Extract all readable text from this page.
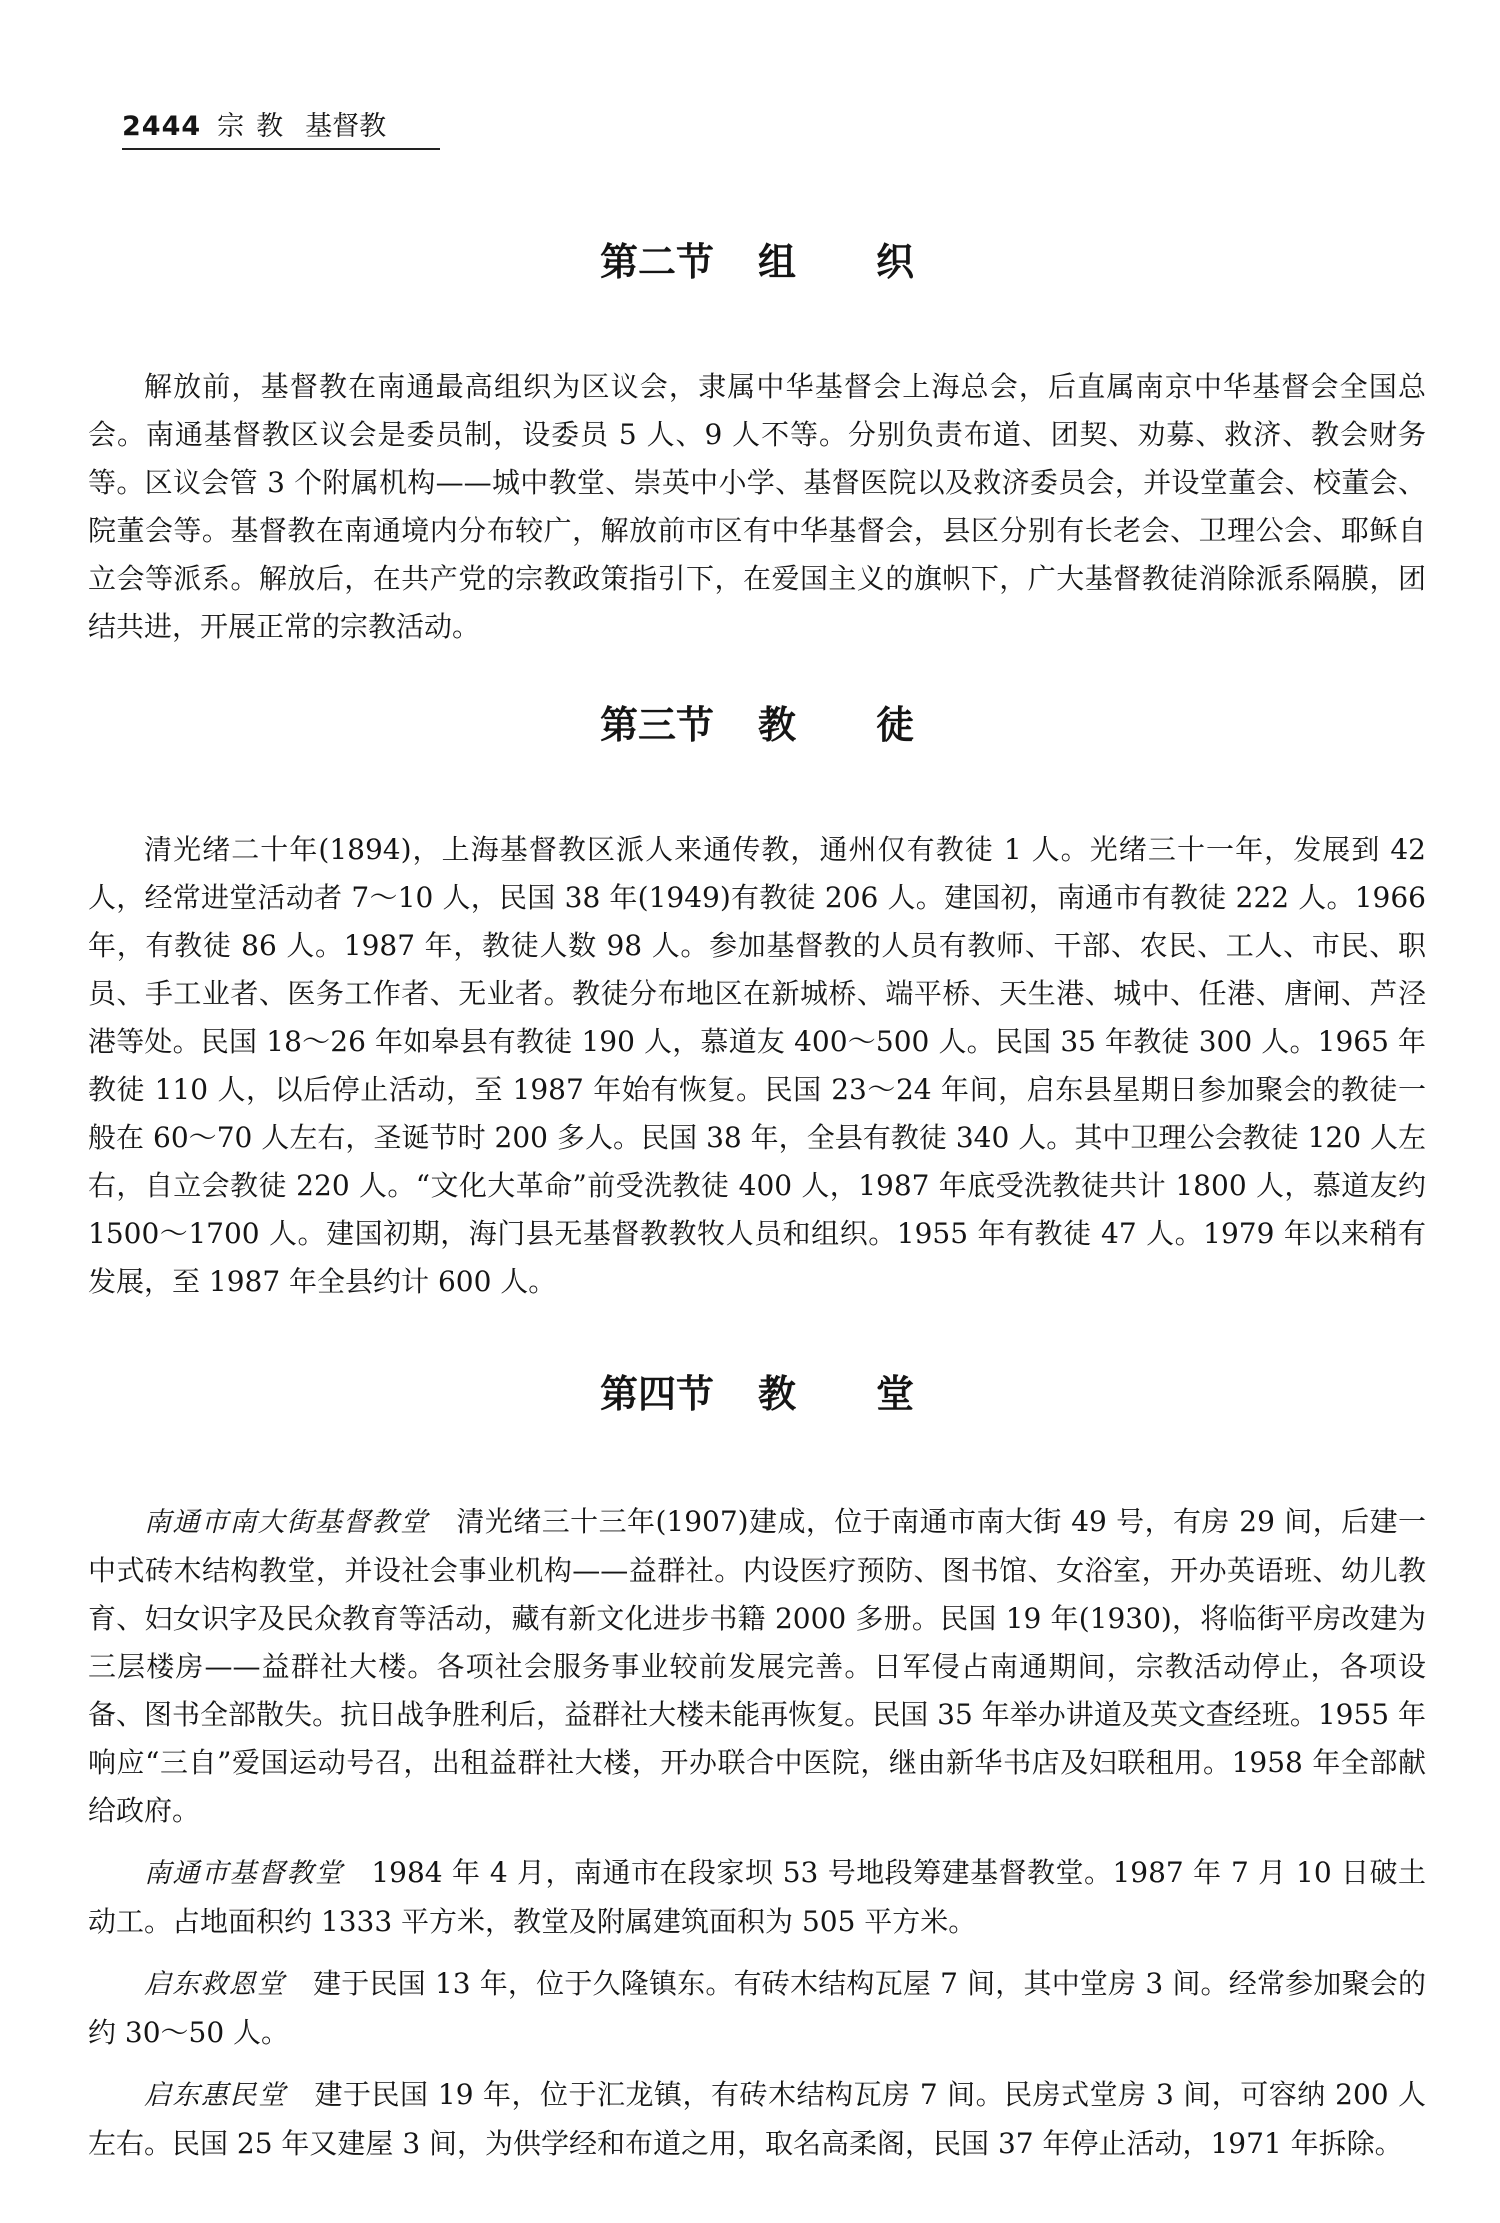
2444 宗教 基督教
第二节 组织

解放前，基督教在南通最高组织为区议会，隶属中华基督会上海总会，后直属南京中华基督会全国总会。南通基督教区议会是委员制，设委员 5 人、9 人不等。分别负责布道、团契、劝募、救济、教会财务等。区议会管 3 个附属机构——城中教堂、崇英中小学、基督医院以及救济委员会，并设堂董会、校董会、院董会等。基督教在南通境内分布较广，解放前市区有中华基督会，县区分别有长老会、卫理公会、耶稣自立会等派系。解放后，在共产党的宗教政策指引下，在爱国主义的旗帜下，广大基督教徒消除派系隔膜，团结共进，开展正常的宗教活动。

第三节 教徒

清光绪二十年(1894)，上海基督教区派人来通传教，通州仅有教徒 1 人。光绪三十一年，发展到 42 人，经常进堂活动者 7～10 人，民国 38 年(1949)有教徒 206 人。建国初，南通市有教徒 222 人。1966 年，有教徒 86 人。1987 年，教徒人数 98 人。参加基督教的人员有教师、干部、农民、工人、市民、职员、手工业者、医务工作者、无业者。教徒分布地区在新城桥、端平桥、天生港、城中、任港、唐闸、芦泾港等处。民国 18～26 年如皋县有教徒 190 人，慕道友 400～500 人。民国 35 年教徒 300 人。1965 年教徒 110 人，以后停止活动，至 1987 年始有恢复。民国 23～24 年间，启东县星期日参加聚会的教徒一般在 60～70 人左右，圣诞节时 200 多人。民国 38 年，全县有教徒 340 人。其中卫理公会教徒 120 人左右，自立会教徒 220 人。“文化大革命”前受洗教徒 400 人，1987 年底受洗教徒共计 1800 人，慕道友约 1500～1700 人。建国初期，海门县无基督教教牧人员和组织。1955 年有教徒 47 人。1979 年以来稍有发展，至 1987 年全县约计 600 人。

第四节 教堂

南通市南大街基督教堂 清光绪三十三年(1907)建成，位于南通市南大街 49 号，有房 29 间，后建一中式砖木结构教堂，并设社会事业机构——益群社。内设医疗预防、图书馆、女浴室，开办英语班、幼儿教育、妇女识字及民众教育等活动，藏有新文化进步书籍 2000 多册。民国 19 年(1930)，将临街平房改建为三层楼房——益群社大楼。各项社会服务事业较前发展完善。日军侵占南通期间，宗教活动停止，各项设备、图书全部散失。抗日战争胜利后，益群社大楼未能再恢复。民国 35 年举办讲道及英文查经班。1955 年响应“三自”爱国运动号召，出租益群社大楼，开办联合中医院，继由新华书店及妇联租用。1958 年全部献给政府。

南通市基督教堂 1984 年 4 月，南通市在段家坝 53 号地段筹建基督教堂。1987 年 7 月 10 日破土动工。占地面积约 1333 平方米，教堂及附属建筑面积为 505 平方米。

启东救恩堂 建于民国 13 年，位于久隆镇东。有砖木结构瓦屋 7 间，其中堂房 3 间。经常参加聚会的约 30～50 人。

启东惠民堂 建于民国 19 年，位于汇龙镇，有砖木结构瓦房 7 间。民房式堂房 3 间，可容纳 200 人左右。民国 25 年又建屋 3 间，为供学经和布道之用，取名高柔阁，民国 37 年停止活动，1971 年拆除。
